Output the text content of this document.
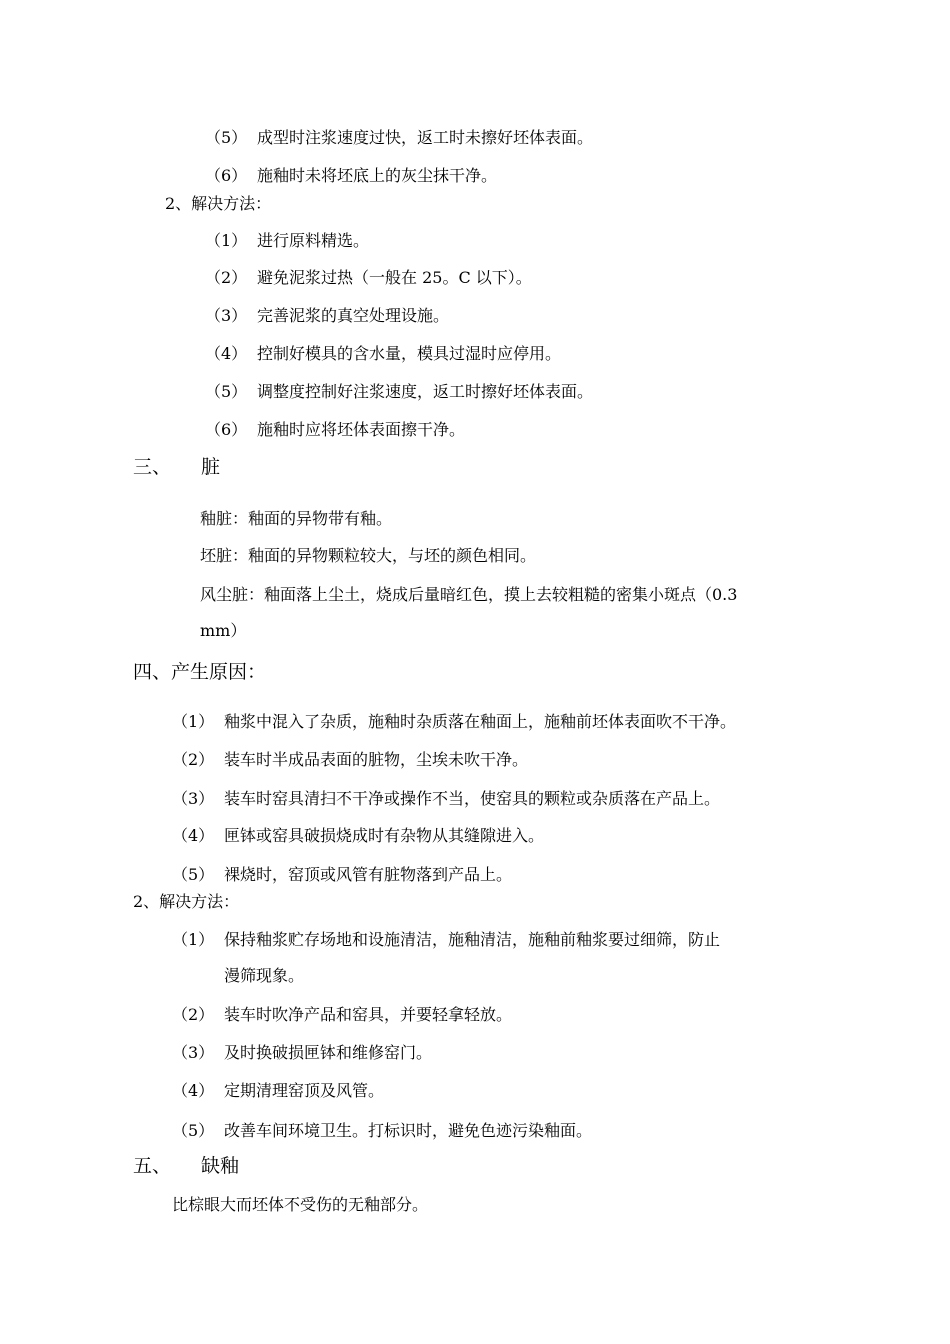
（5） 成型时注浆速度过快，返工时未擦好坯体表面。
（6） 施釉时未将坯底上的灰尘抹干净。
2、解决方法：
（1） 进行原料精选。
（2） 避免泥浆过热（一般在 25。C 以下）。
（3） 完善泥浆的真空处理设施。
（4） 控制好模具的含水量，模具过湿时应停用。
（5） 调整度控制好注浆速度，返工时擦好坯体表面。
（6） 施釉时应将坯体表面擦干净。
三、 脏
釉脏：釉面的异物带有釉。
坯脏：釉面的异物颗粒较大，与坯的颜色相同。
风尘脏：釉面落上尘土，烧成后量暗红色，摸上去较粗糙的密集小斑点（0.3
mm）
四、产生原因：
（1） 釉浆中混入了杂质，施釉时杂质落在釉面上，施釉前坯体表面吹不干净。
（2） 装车时半成品表面的脏物，尘埃未吹干净。
（3） 装车时窑具清扫不干净或操作不当，使窑具的颗粒或杂质落在产品上。
（4） 匣钵或窑具破损烧成时有杂物从其缝隙进入。
（5） 裸烧时，窑顶或风管有脏物落到产品上。
2、解决方法：
（1） 保持釉浆贮存场地和设施清洁，施釉清洁，施釉前釉浆要过细筛，防止
漫筛现象。
（2） 装车时吹净产品和窑具，并要轻拿轻放。
（3） 及时换破损匣钵和维修窑门。
（4） 定期清理窑顶及风管。
（5） 改善车间环境卫生。打标识时，避免色迹污染釉面。
五、 缺釉
比棕眼大而坯体不受伤的无釉部分。
